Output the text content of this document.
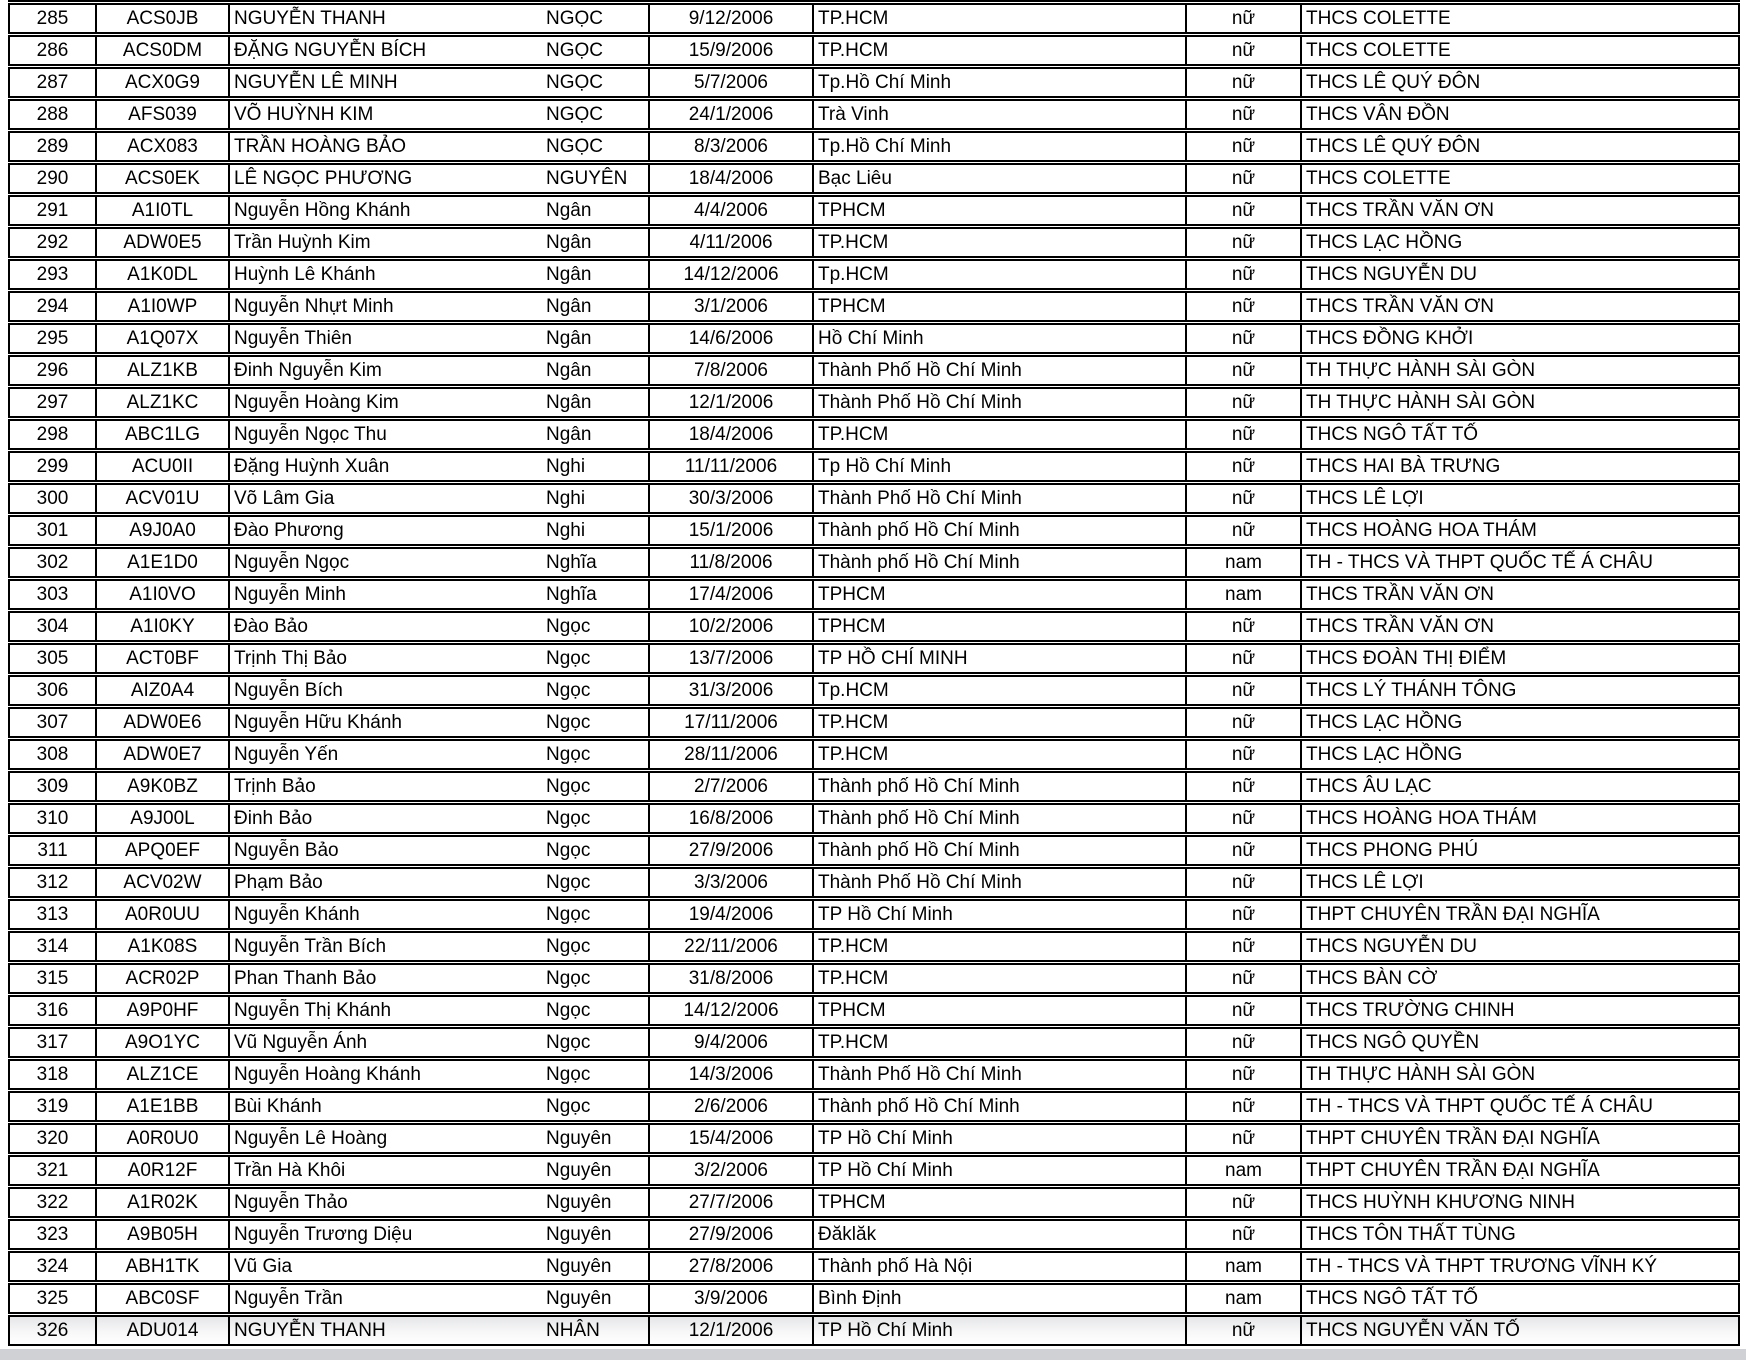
285	ACS0JB	NGUYỄN THANH	NGỌC	9/12/2006	TP.HCM	nữ	THCS COLETTE
286	ACS0DM	ĐẶNG NGUYỄN BÍCH	NGỌC	15/9/2006	TP.HCM	nữ	THCS COLETTE
287	ACX0G9	NGUYỄN LÊ MINH	NGỌC	5/7/2006	Tp.Hồ Chí Minh	nữ	THCS LÊ QUÝ ĐÔN
288	AFS039	VÕ HUỲNH KIM	NGỌC	24/1/2006	Trà Vinh	nữ	THCS VÂN ĐỒN
289	ACX083	TRẦN HOÀNG BẢO	NGỌC	8/3/2006	Tp.Hồ Chí Minh	nữ	THCS LÊ QUÝ ĐÔN
290	ACS0EK	LÊ NGỌC PHƯƠNG	NGUYÊN	18/4/2006	Bạc Liêu	nữ	THCS COLETTE
291	A1I0TL	Nguyễn Hồng Khánh	Ngân	4/4/2006	TPHCM	nữ	THCS TRẦN VĂN ƠN
292	ADW0E5	Trần Huỳnh Kim	Ngân	4/11/2006	TP.HCM	nữ	THCS LẠC HỒNG
293	A1K0DL	Huỳnh Lê Khánh	Ngân	14/12/2006	Tp.HCM	nữ	THCS NGUYỄN DU
294	A1I0WP	Nguyễn Nhựt Minh	Ngân	3/1/2006	TPHCM	nữ	THCS TRẦN VĂN ƠN
295	A1Q07X	Nguyễn Thiên	Ngân	14/6/2006	Hồ Chí Minh	nữ	THCS ĐỒNG KHỞI
296	ALZ1KB	Đinh Nguyễn Kim	Ngân	7/8/2006	Thành Phố Hồ Chí Minh	nữ	TH THỰC HÀNH SÀI GÒN
297	ALZ1KC	Nguyễn Hoàng Kim	Ngân	12/1/2006	Thành Phố Hồ Chí Minh	nữ	TH THỰC HÀNH SÀI GÒN
298	ABC1LG	Nguyễn Ngọc Thu	Ngân	18/4/2006	TP.HCM	nữ	THCS NGÔ TẤT TỐ
299	ACU0II	Đặng Huỳnh Xuân	Nghi	11/11/2006	Tp Hồ Chí Minh	nữ	THCS HAI BÀ TRƯNG
300	ACV01U	Võ Lâm Gia	Nghi	30/3/2006	Thành Phố Hồ Chí Minh	nữ	THCS LÊ LỢI
301	A9J0A0	Đào Phương	Nghi	15/1/2006	Thành phố Hồ Chí Minh	nữ	THCS HOÀNG HOA THÁM
302	A1E1D0	Nguyễn Ngọc	Nghĩa	11/8/2006	Thành phố Hồ Chí Minh	nam	TH - THCS VÀ THPT QUỐC TẾ Á CHÂU
303	A1I0VO	Nguyễn Minh	Nghĩa	17/4/2006	TPHCM	nam	THCS TRẦN VĂN ƠN
304	A1I0KY	Đào Bảo	Ngọc	10/2/2006	TPHCM	nữ	THCS TRẦN VĂN ƠN
305	ACT0BF	Trịnh Thị Bảo	Ngọc	13/7/2006	TP HỒ CHÍ MINH	nữ	THCS ĐOÀN THỊ ĐIỂM
306	AIZ0A4	Nguyễn Bích	Ngọc	31/3/2006	Tp.HCM	nữ	THCS LÝ THÁNH TÔNG
307	ADW0E6	Nguyễn Hữu Khánh	Ngọc	17/11/2006	TP.HCM	nữ	THCS LẠC HỒNG
308	ADW0E7	Nguyễn Yến	Ngọc	28/11/2006	TP.HCM	nữ	THCS LẠC HỒNG
309	A9K0BZ	Trịnh Bảo	Ngọc	2/7/2006	Thành phố Hồ Chí Minh	nữ	THCS ÂU LẠC
310	A9J00L	Đinh Bảo	Ngọc	16/8/2006	Thành phố Hồ Chí Minh	nữ	THCS HOÀNG HOA THÁM
311	APQ0EF	Nguyễn Bảo	Ngọc	27/9/2006	Thành phố Hồ Chí Minh	nữ	THCS PHONG PHÚ
312	ACV02W	Phạm Bảo	Ngọc	3/3/2006	Thành Phố Hồ Chí Minh	nữ	THCS LÊ LỢI
313	A0R0UU	Nguyễn Khánh	Ngọc	19/4/2006	TP Hồ Chí Minh	nữ	THPT CHUYÊN TRẦN ĐẠI NGHĨA
314	A1K08S	Nguyễn Trần Bích	Ngọc	22/11/2006	TP.HCM	nữ	THCS NGUYỄN DU
315	ACR02P	Phan Thanh Bảo	Ngọc	31/8/2006	TP.HCM	nữ	THCS BÀN CỜ
316	A9P0HF	Nguyễn Thị Khánh	Ngọc	14/12/2006	TPHCM	nữ	THCS TRƯỜNG CHINH
317	A9O1YC	Vũ Nguyễn Ánh	Ngọc	9/4/2006	TP.HCM	nữ	THCS NGÔ QUYỀN
318	ALZ1CE	Nguyễn Hoàng Khánh	Ngọc	14/3/2006	Thành Phố Hồ Chí Minh	nữ	TH THỰC HÀNH SÀI GÒN
319	A1E1BB	Bùi Khánh	Ngọc	2/6/2006	Thành phố Hồ Chí Minh	nữ	TH - THCS VÀ THPT QUỐC TẾ Á CHÂU
320	A0R0U0	Nguyễn Lê Hoàng	Nguyên	15/4/2006	TP Hồ Chí Minh	nữ	THPT CHUYÊN TRẦN ĐẠI NGHĨA
321	A0R12F	Trần Hà Khôi	Nguyên	3/2/2006	TP Hồ Chí Minh	nam	THPT CHUYÊN TRẦN ĐẠI NGHĨA
322	A1R02K	Nguyễn Thảo	Nguyên	27/7/2006	TPHCM	nữ	THCS HUỲNH KHƯƠNG NINH
323	A9B05H	Nguyễn Trương Diệu	Nguyên	27/9/2006	Đăklăk	nữ	THCS TÔN THẤT TÙNG
324	ABH1TK	Vũ Gia	Nguyên	27/8/2006	Thành phố Hà Nội	nam	TH - THCS VÀ THPT TRƯƠNG VĨNH KÝ
325	ABC0SF	Nguyễn Trần	Nguyên	3/9/2006	Bình Định	nam	THCS NGÔ TẤT TỐ
326	ADU014	NGUYỄN THANH	NHÂN	12/1/2006	TP Hồ Chí Minh	nữ	THCS NGUYỄN VĂN TỐ
